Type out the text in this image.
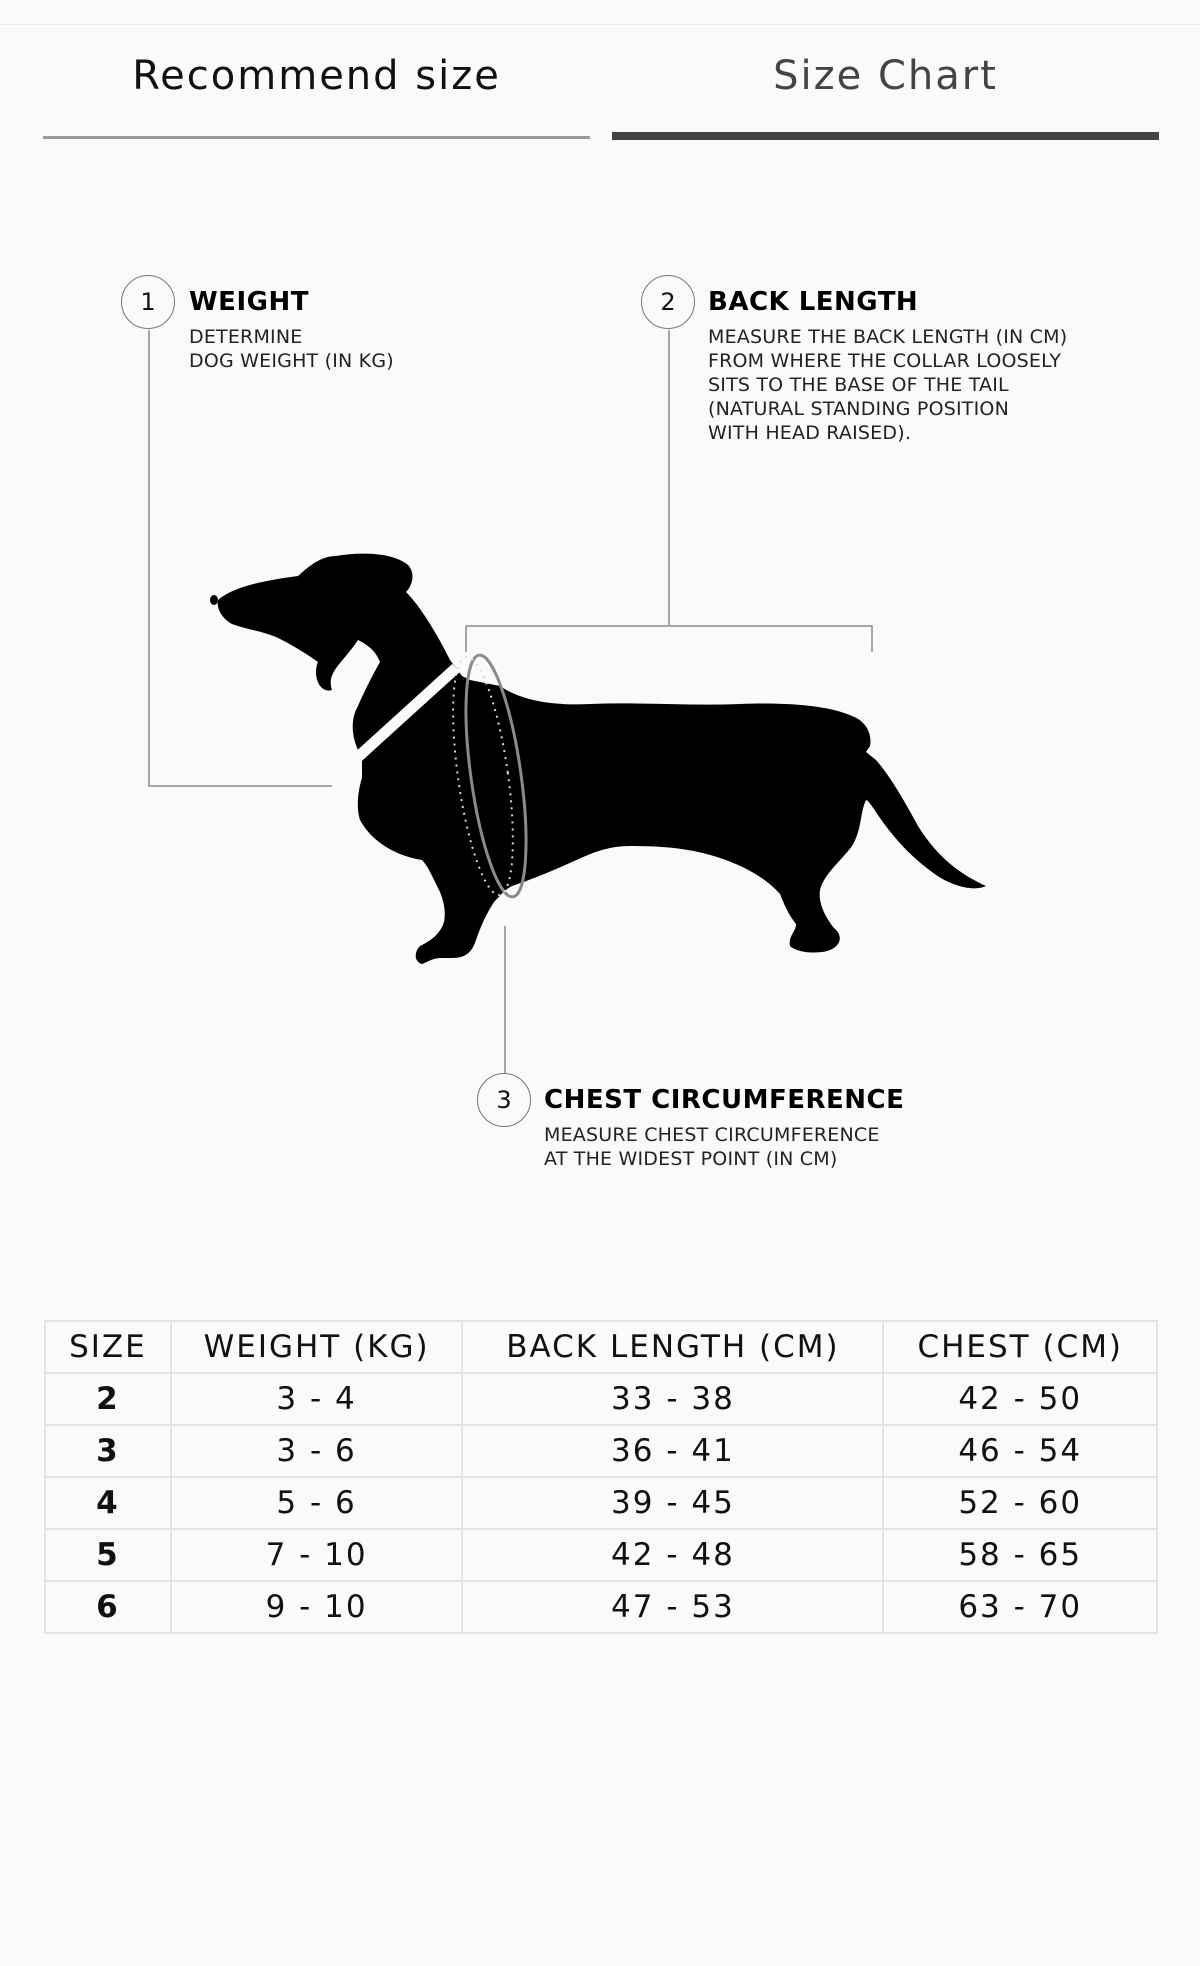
Recommend size	Size Chart
1 WEIGHT
DETERMINE
DOG WEIGHT (IN KG)
2 BACK LENGTH
MEASURE THE BACK LENGTH (IN CM)
FROM WHERE THE COLLAR LOOSELY
SITS TO THE BASE OF THE TAIL
(NATURAL STANDING POSITION
WITH HEAD RAISED).
3 CHEST CIRCUMFERENCE
MEASURE CHEST CIRCUMFERENCE
AT THE WIDEST POINT (IN CM)
SIZE	WEIGHT (KG)	BACK LENGTH (CM)	CHEST (CM)
2	3 - 4	33 - 38	42 - 50
3	3 - 6	36 - 41	46 - 54
4	5 - 6	39 - 45	52 - 60
5	7 - 10	42 - 48	58 - 65
6	9 - 10	47 - 53	63 - 70
